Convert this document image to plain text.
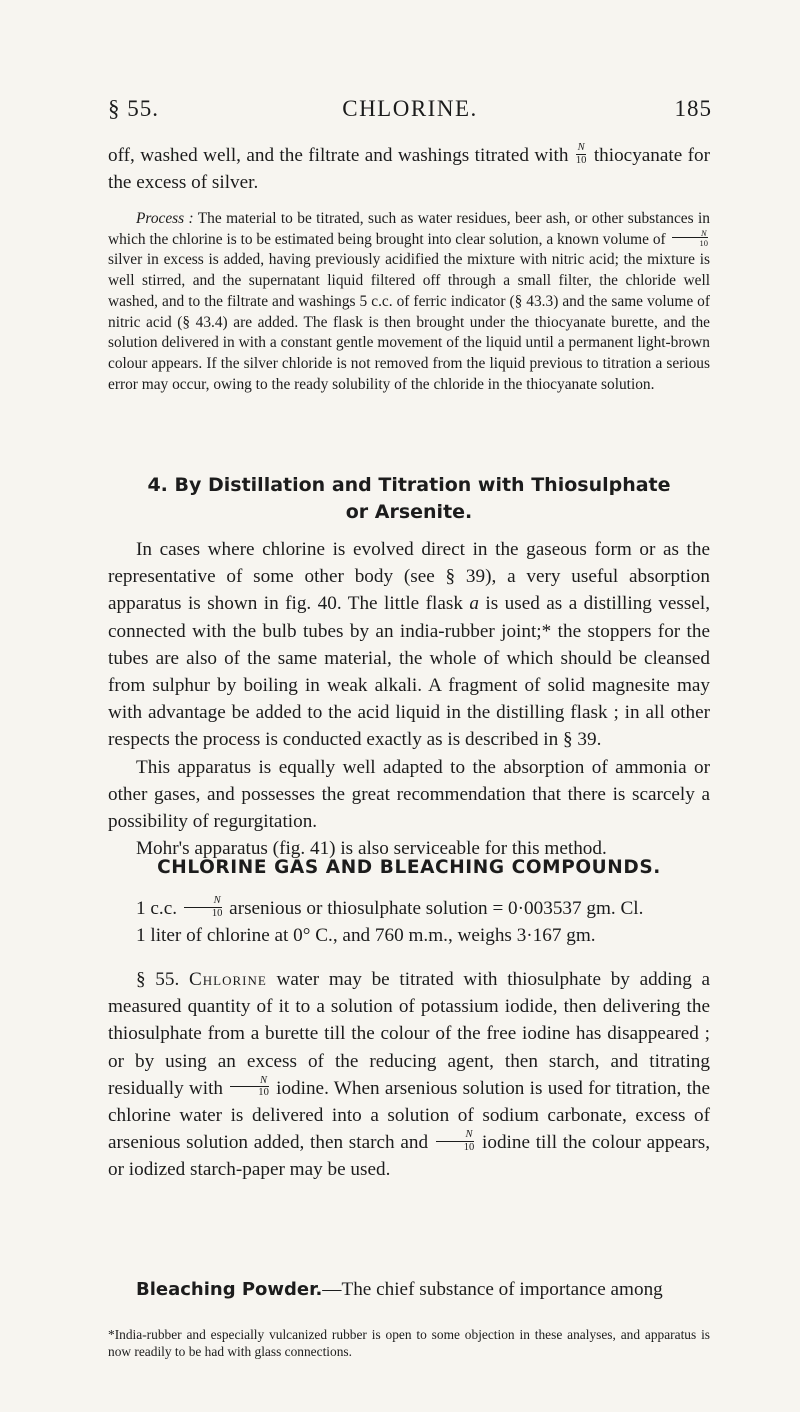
§ 55.	CHLORINE.	185

off, washed well, and the filtrate and washings titrated with $\frac{N}{10}$ thiocyanate for the excess of silver.

Process : The material to be titrated, such as water residues, beer ash, or other substances in which the chlorine is to be estimated being brought into clear solution, a known volume of $\frac{N}{10}$
silver in excess is added, having previously acidified the mixture with nitric acid; the mixture is well stirred, and the supernatant liquid filtered off through a small filter, the chloride well washed, and to the filtrate and washings 5 c.c. of ferric indicator (§ 43.3) and the same volume of nitric acid (§ 43.4) are added. The flask is then brought under the thiocyanate burette, and the solution delivered in with a constant gentle movement of the liquid until a permanent light-brown colour appears. If the silver chloride is not removed from the liquid previous to titration a serious error may occur, owing to the ready solubility of the chloride in the thiocyanate solution.

4. By Distillation and Titration with Thiosulphate
or Arsenite.

In cases where chlorine is evolved direct in the gaseous form or as the representative of some other body (see § 39), a very useful absorption apparatus is shown in fig. 40. The little flask a is used as a distilling vessel, connected with the bulb tubes by an india-rubber joint;* the stoppers for the tubes are also of the same material, the whole of which should be cleansed from sulphur by boiling in weak alkali. A fragment of solid magnesite may with advantage be added to the acid liquid in the distilling flask ; in all other respects the process is conducted exactly as is described in § 39.

This apparatus is equally well adapted to the absorption of ammonia or other gases, and possesses the great recommendation that there is scarcely a possibility of regurgitation.

Mohr's apparatus (fig. 41) is also serviceable for this method.

CHLORINE GAS AND BLEACHING COMPOUNDS.

1 c.c. $\frac{N}{10}$ arsenious or thiosulphate solution = 0·003537 gm. Cl.

1 liter of chlorine at 0° C., and 760 m.m., weighs 3·167 gm.

§ 55. Chlorine water may be titrated with thiosulphate by adding a measured quantity of it to a solution of potassium iodide, then delivering the thiosulphate from a burette till the colour of the free iodine has disappeared ; or by using an excess of the reducing agent, then starch, and titrating residually with $\frac{N}{10}$ iodine. When arsenious solution is used for titration, the chlorine water is delivered into a solution of sodium carbonate, excess of arsenious solution added, then starch and $\frac{N}{10}$ iodine till the colour appears, or iodized starch-paper may be used.

Bleaching Powder.—The chief substance of importance among

*India-rubber and especially vulcanized rubber is open to some objection in these analyses, and apparatus is now readily to be had with glass connections.
